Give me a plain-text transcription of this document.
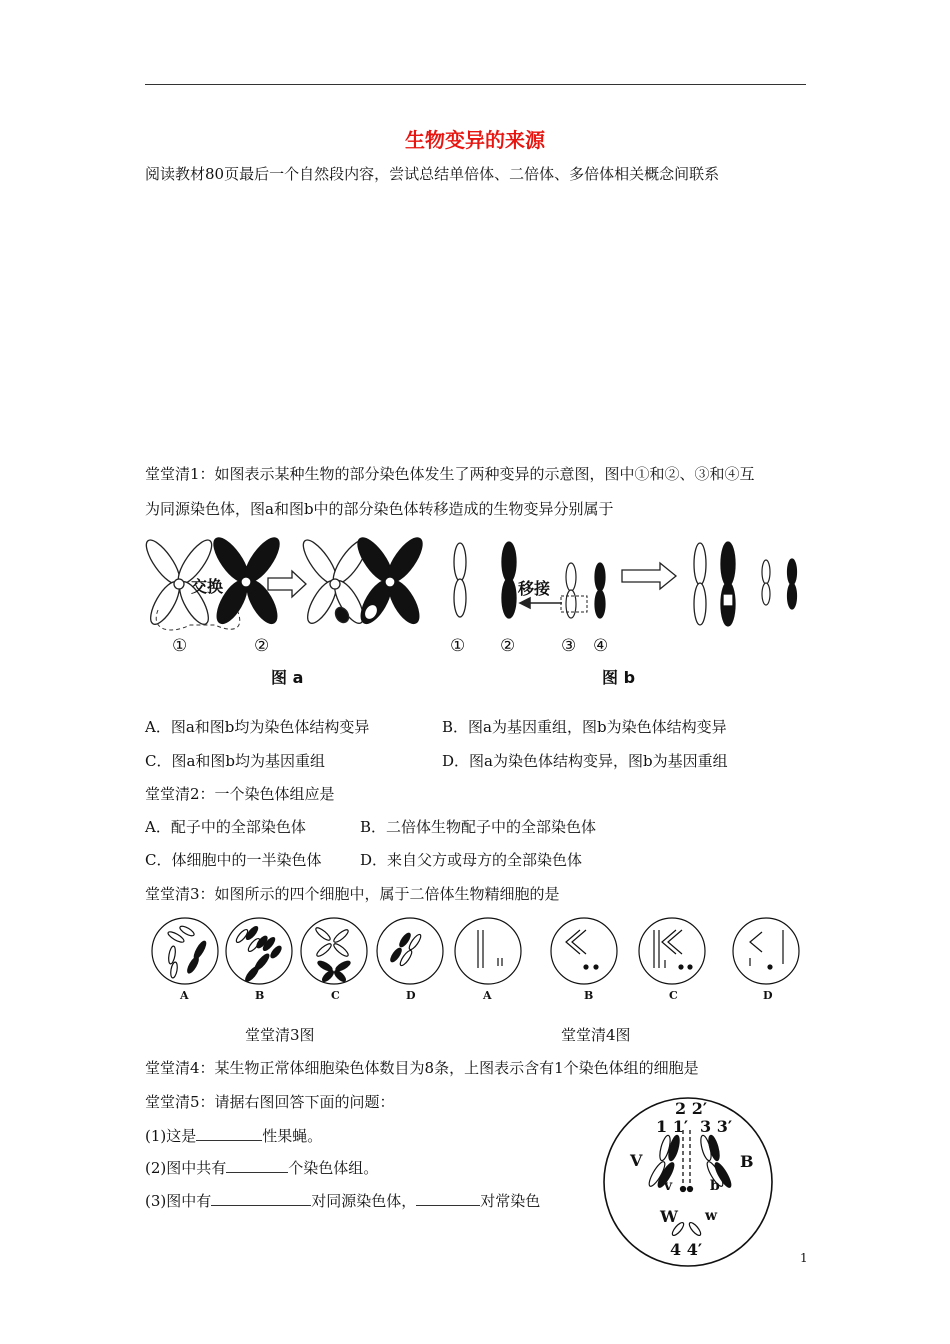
生物变异的来源
阅读教材80页最后一个自然段内容，尝试总结单倍体、二倍体、多倍体相关概念间联系
堂堂清1：如图表示某种生物的部分染色体发生了两种变异的示意图，图中①和②、③和④互
为同源染色体，图a和图b中的部分染色体转移造成的生物变异分别属于
交换
①	②
图 a
移接
① ②	③ ④
图 b
A．图a和图b均为染色体结构变异	B．图a为基因重组，图b为染色体结构变异
C．图a和图b均为基因重组	D．图a为染色体结构变异，图b为基因重组
堂堂清2：一个染色体组应是
A．配子中的全部染色体	B．二倍体生物配子中的全部染色体
C．体细胞中的一半染色体	D．来自父方或母方的全部染色体
堂堂清3：如图所示的四个细胞中，属于二倍体生物精细胞的是
A	B	C	D	A	B	C	D
堂堂清3图	堂堂清4图
堂堂清4：某生物正常体细胞染色体数目为8条，上图表示含有1个染色体组的细胞是
堂堂清5：请据右图回答下面的问题：
(1)这是	性果蝇。
(2)图中共有	个染色体组。
(3)图中有	对同源染色体，	对常染色
2 2′
1 1′ 3 3′
V	B
v	b
W w
4 4′	1
